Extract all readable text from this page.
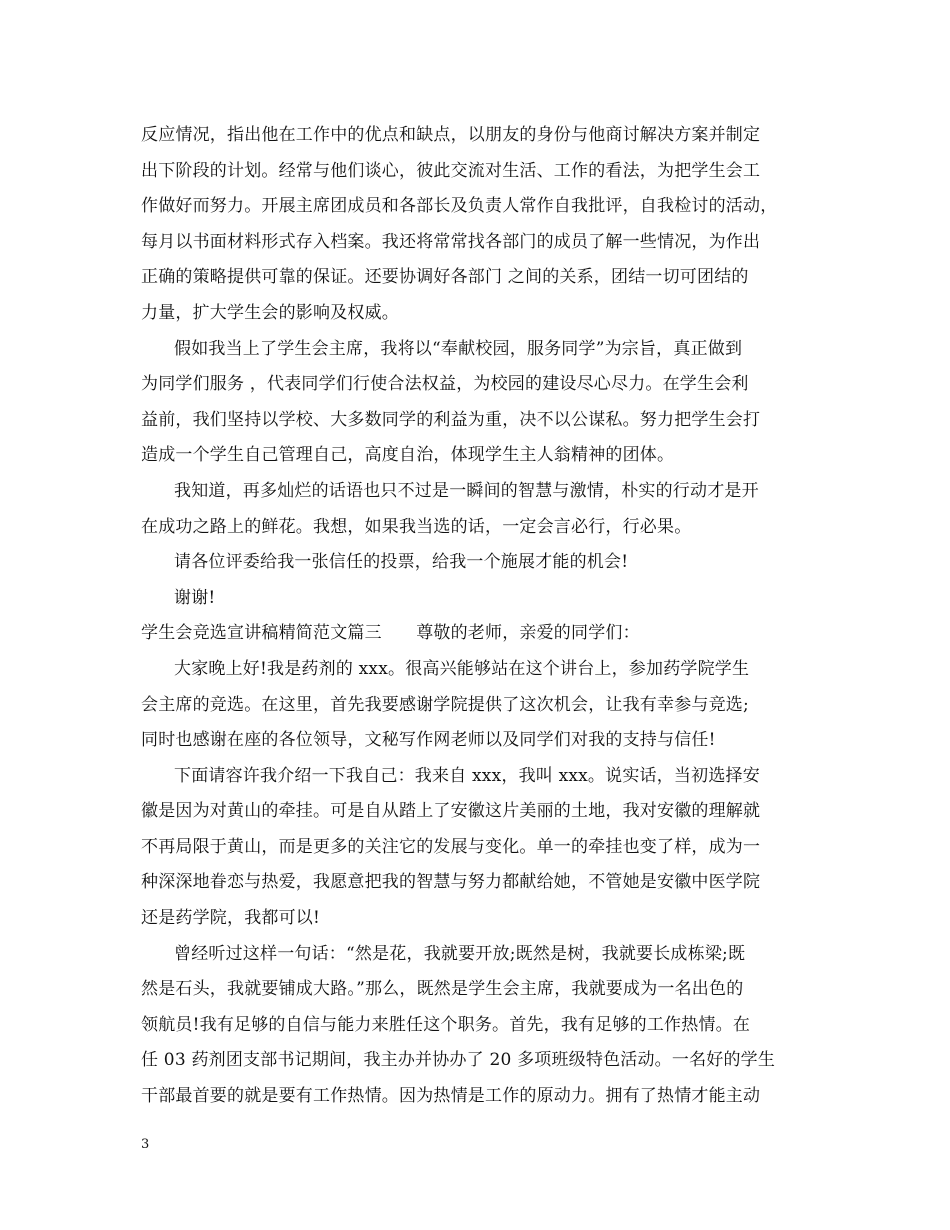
反应情况，指出他在工作中的优点和缺点，以朋友的身份与他商讨解决方案并制定
出下阶段的计划。经常与他们谈心，彼此交流对生活、工作的看法，为把学生会工
作做好而努力。开展主席团成员和各部长及负责人常作自我批评，自我检讨的活动，
每月以书面材料形式存入档案。我还将常常找各部门的成员了解一些情况，为作出
正确的策略提供可靠的保证。还要协调好各部门 之间的关系，团结一切可团结的
力量，扩大学生会的影响及权威。
假如我当上了学生会主席，我将以“奉献校园，服务同学”为宗旨，真正做到
为同学们服务 ，代表同学们行使合法权益，为校园的建设尽心尽力。在学生会利
益前，我们坚持以学校、大多数同学的利益为重，决不以公谋私。努力把学生会打
造成一个学生自己管理自己，高度自治，体现学生主人翁精神的团体。
我知道，再多灿烂的话语也只不过是一瞬间的智慧与激情，朴实的行动才是开
在成功之路上的鲜花。我想，如果我当选的话，一定会言必行，行必果。
请各位评委给我一张信任的投票，给我一个施展才能的机会!
谢谢!
学生会竞选宣讲稿精简范文篇三　　尊敬的老师，亲爱的同学们：
大家晚上好!我是药剂的 xxx。很高兴能够站在这个讲台上，参加药学院学生
会主席的竞选。在这里，首先我要感谢学院提供了这次机会，让我有幸参与竞选;
同时也感谢在座的各位领导，文秘写作网老师以及同学们对我的支持与信任!
下面请容许我介绍一下我自己：我来自 xxx，我叫 xxx。说实话，当初选择安
徽是因为对黄山的牵挂。可是自从踏上了安徽这片美丽的土地，我对安徽的理解就
不再局限于黄山，而是更多的关注它的发展与变化。单一的牵挂也变了样，成为一
种深深地眷恋与热爱，我愿意把我的智慧与努力都献给她，不管她是安徽中医学院
还是药学院，我都可以!
曾经听过这样一句话：“然是花，我就要开放;既然是树，我就要长成栋梁;既
然是石头，我就要铺成大路。”那么，既然是学生会主席，我就要成为一名出色的
领航员!我有足够的自信与能力来胜任这个职务。首先，我有足够的工作热情。在
任 03 药剂团支部书记期间，我主办并协办了 20 多项班级特色活动。一名好的学生
干部最首要的就是要有工作热情。因为热情是工作的原动力。拥有了热情才能主动
3
